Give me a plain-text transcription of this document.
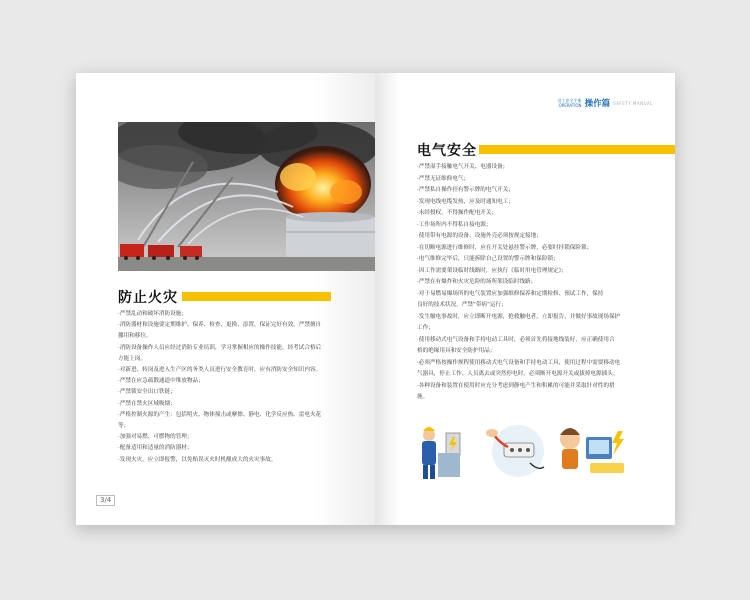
防止火灾
·严禁乱动和破坏消防设施；
·消防器材和设施要定期维护、保养、检查、更换、添置，保证完好有效，严禁擅自
挪用和移位。
·消防设备操作人员应经过消防专业培训，学习掌握相应的操作技能，经考试合格后
方能上岗。
·对新进、转岗及进入生产区的务类人员进行安全教育时，应有消防安全知识内容。
·严禁在应急疏散通道中堆放物品；
·严禁锁安全出口铁链；
·严禁在禁火区域吸烟；
·严格控制火源的产生：包括明火、物体撞击或摩擦、静电、化学反应热、雷电火花
等；
·加强对易燃、可燃物的管理；
·配备适用和适量的消防器材；
·发现火灾，应立即报警，以免贻误灭火时机酿成大的火灾事故。
3/4
员工安全手册
OPERATION 操作篇 SAFETY MANUAL
电气安全
·严禁湿手接触电气开关、电器设备；
·严禁无证维修电气；
·严禁私自操作挂有警示牌的电气开关；
·发现电线电缆发热，应及时通知电工；
·未经授权，不得操作配电开关；
·工作场所内不得私自接电源；
·使用带有电源的设备、设施外壳必须按规定接地；
·在切断电源进行维修时，应在开关处悬挂警示牌，必要时挂锁保险锁；
·电气维修完毕后，只能拆除自己设置的警示牌和保险锁；
·因工作需要架设临时线路时，应执行《临时用电管理规定》；
·严禁在有爆炸和火灾危险的场所架设临时线路；
·对于易燃易爆场所的电气装置应加强维修保养和定期检修、预试工作，保持
良好的技术状况，严禁“带病”运行；
·发生触电事故时，应立即断开电源，抢救触电者，立即报告，并做好事故现场保护
工作；
·使用移动式电气设备和手持电动工具时，必须首先将接地线装好，应正确使用合
格的绝缘用具和安全防护用品；
·必须严格按操作规程使用移动式电气设备和手持电动工具，使用过程中需要移动电
气器具，停止工作、人员离去或突然停电时，必须断开电源开关或拔掉电源插头；
·各种设备和装置在使用时应充分考虑到静电产生和积累的可能并采取针对性的措
施。
